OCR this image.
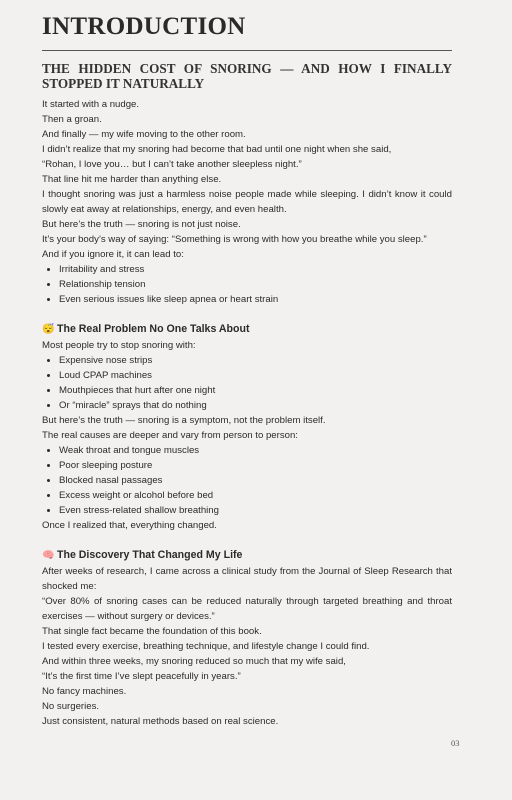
INTRODUCTION
THE HIDDEN COST OF SNORING — AND HOW I FINALLY STOPPED IT NATURALLY

It started with a nudge.

Then a groan.

And finally — my wife moving to the other room.

I didn’t realize that my snoring had become that bad until one night when she said,

“Rohan, I love you… but I can’t take another sleepless night.”

That line hit me harder than anything else.

I thought snoring was just a harmless noise people made while sleeping. I didn’t know it could slowly eat away at relationships, energy, and even health.

But here’s the truth — snoring is not just noise.

It’s your body’s way of saying: “Something is wrong with how you breathe while you sleep.”

And if you ignore it, it can lead to:

• Irritability and stress
• Relationship tension
• Even serious issues like sleep apnea or heart strain
😴 The Real Problem No One Talks About

Most people try to stop snoring with:

• Expensive nose strips
• Loud CPAP machines
• Mouthpieces that hurt after one night
• Or “miracle” sprays that do nothing

But here’s the truth — snoring is a symptom, not the problem itself.

The real causes are deeper and vary from person to person:

• Weak throat and tongue muscles
• Poor sleeping posture
• Blocked nasal passages
• Excess weight or alcohol before bed
• Even stress-related shallow breathing

Once I realized that, everything changed.

🧠 The Discovery That Changed My Life

After weeks of research, I came across a clinical study from the Journal of Sleep Research that shocked me:

“Over 80% of snoring cases can be reduced naturally through targeted breathing and throat exercises — without surgery or devices.”

That single fact became the foundation of this book.

I tested every exercise, breathing technique, and lifestyle change I could find.

And within three weeks, my snoring reduced so much that my wife said,

“It’s the first time I’ve slept peacefully in years.”

No fancy machines.

No surgeries.

Just consistent, natural methods based on real science.

03
